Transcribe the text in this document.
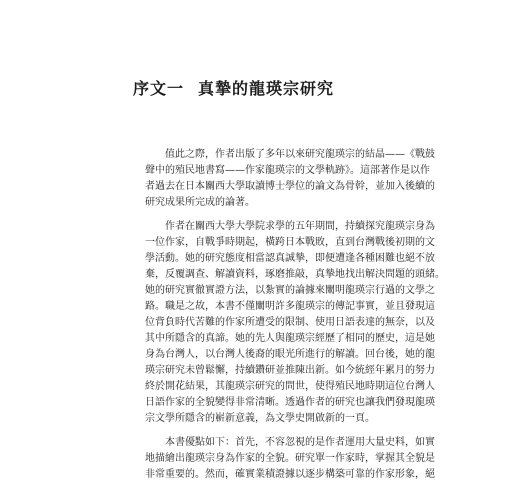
序文一 真摯的龍瑛宗研究
值此之際，作者出版了多年以來研究龍瑛宗的結晶——《戰鼓
聲中的殖民地書寫——作家龍瑛宗的文學軌跡》。這部著作是以作
者過去在日本關西大學取讀博士學位的論文為骨幹，並加入後續的
研究成果所完成的論著。
作者在關西大學大學院求學的五年期間，持續探究龍瑛宗身為
一位作家，自戰爭時期起，橫跨日本戰敗，直到台灣戰後初期的文
學活動。她的研究態度相當認真誠摯，即便遭逢各種困難也絕不放
棄，反覆調查、解讀資料，琢磨推敲，真摯地找出解決問題的頭緒。
她的研究實徹實證方法，以紮實的論據來闡明龍瑛宗行過的文學之
路。職是之故，本書不僅闡明許多龍瑛宗的傳記事實，並且發現這
位背負時代苦難的作家所遭受的限制、使用日語表達的無奈，以及
其中所隱含的真諦。她的先人與龍瑛宗經歷了相同的歷史，這是她
身為台灣人，以台灣人後裔的眼光所進行的解讀。回台後，她的龍
瑛宗研究未曾鬆懈，持續鑽研並推陳出新。如今統經年累月的努力
終於開花結果，其龍瑛宗研究的問世，使得殖民地時期這位台灣人
日語作家的全貌變得非常清晰。透過作者的研究也讓我們發現龍瑛
宗文學所隱含的嶄新意義，為文學史開啟新的一頁。
本書優點如下：首先，不容忽視的是作者運用大量史料，如實
地描繪出龍瑛宗身為作家的全貌。研究單一作家時，掌握其全貌是
非常重要的。然而，確實業積證據以逐步構築可靠的作家形象，絕
